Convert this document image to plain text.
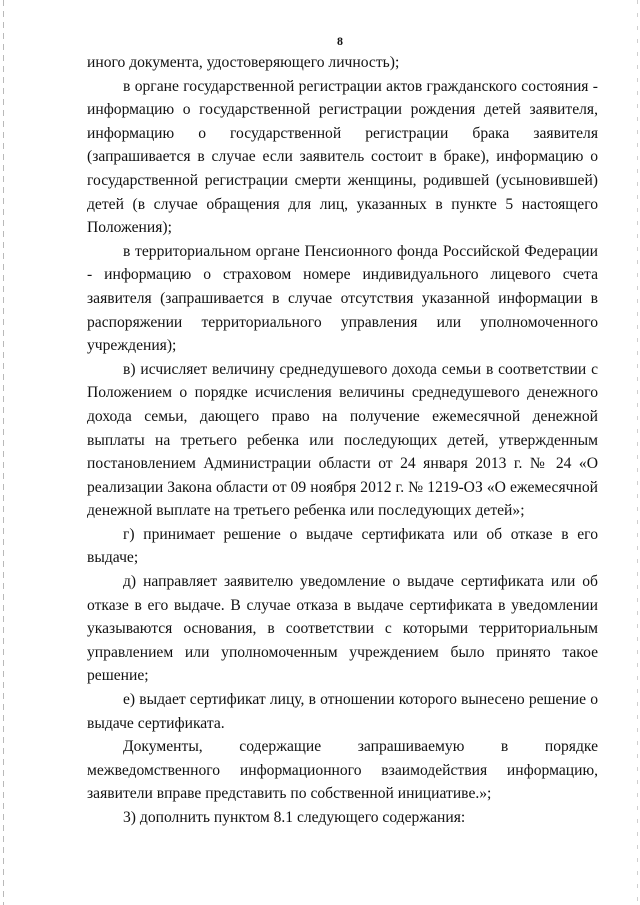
8

иного документа, удостоверяющего личность);

в органе государственной регистрации актов гражданского состояния - информацию о государственной регистрации рождения детей заявителя, информацию о государственной регистрации брака заявителя (запрашивается в случае если заявитель состоит в браке), информацию о государственной регистрации смерти женщины, родившей (усыновившей) детей (в случае обращения для лиц, указанных в пункте 5 настоящего Положения);

в территориальном органе Пенсионного фонда Российской Федерации - информацию о страховом номере индивидуального лицевого счета заявителя (запрашивается в случае отсутствия указанной информации в распоряжении территориального управления или уполномоченного учреждения);

в) исчисляет величину среднедушевого дохода семьи в соответствии с Положением о порядке исчисления величины среднедушевого денежного дохода семьи, дающего право на получение ежемесячной денежной выплаты на третьего ребенка или последующих детей, утвержденным постановлением Администрации области от 24 января 2013 г. № 24 «О реализации Закона области от 09 ноября 2012 г. № 1219-ОЗ «О ежемесячной денежной выплате на третьего ребенка или последующих детей»;

г) принимает решение о выдаче сертификата или об отказе в его выдаче;

д) направляет заявителю уведомление о выдаче сертификата или об отказе в его выдаче. В случае отказа в выдаче сертификата в уведомлении указываются основания, в соответствии с которыми территориальным управлением или уполномоченным учреждением было принято такое решение;

е) выдает сертификат лицу, в отношении которого вынесено решение о выдаче сертификата.

Документы, содержащие запрашиваемую в порядке межведомственного информационного взаимодействия информацию, заявители вправе представить по собственной инициативе.»;

3) дополнить пунктом 8.1 следующего содержания:
